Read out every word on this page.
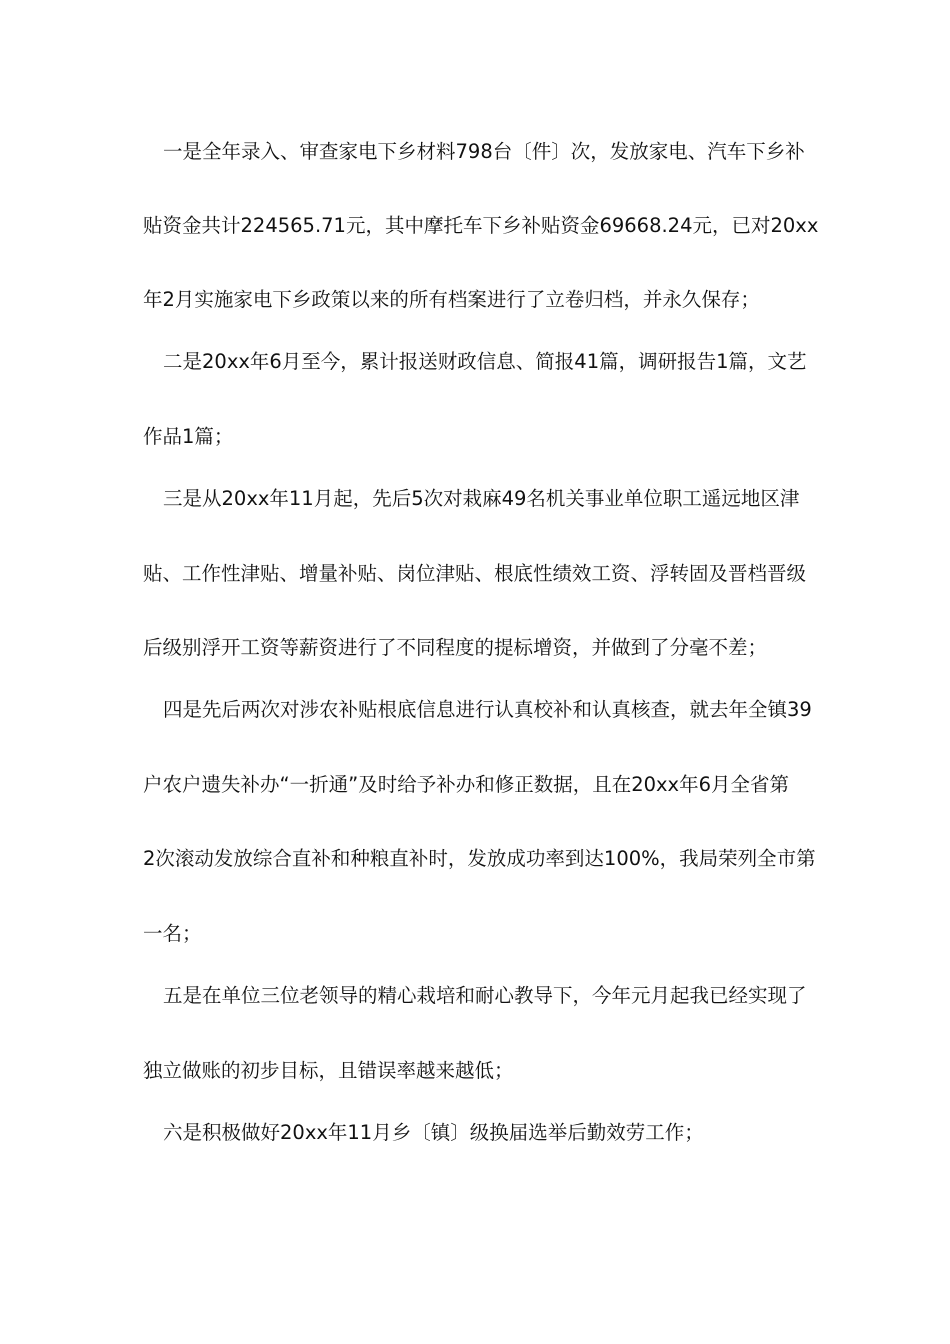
一是全年录入、审查家电下乡材料798台〔件〕次，发放家电、汽车下乡补
贴资金共计224565.71元，其中摩托车下乡补贴资金69668.24元，已对20xx
年2月实施家电下乡政策以来的所有档案进行了立卷归档，并永久保存；
二是20xx年6月至今，累计报送财政信息、简报41篇，调研报告1篇，文艺
作品1篇；
三是从20xx年11月起，先后5次对栽麻49名机关事业单位职工遥远地区津
贴、工作性津贴、增量补贴、岗位津贴、根底性绩效工资、浮转固及晋档晋级
后级别浮开工资等薪资进行了不同程度的提标增资，并做到了分毫不差；
四是先后两次对涉农补贴根底信息进行认真校补和认真核查，就去年全镇39
户农户遗失补办“一折通”及时给予补办和修正数据，且在20xx年6月全省第
2次滚动发放综合直补和种粮直补时，发放成功率到达100%，我局荣列全市第
一名；
五是在单位三位老领导的精心栽培和耐心教导下，今年元月起我已经实现了
独立做账的初步目标，且错误率越来越低；
六是积极做好20xx年11月乡〔镇〕级换届选举后勤效劳工作；
